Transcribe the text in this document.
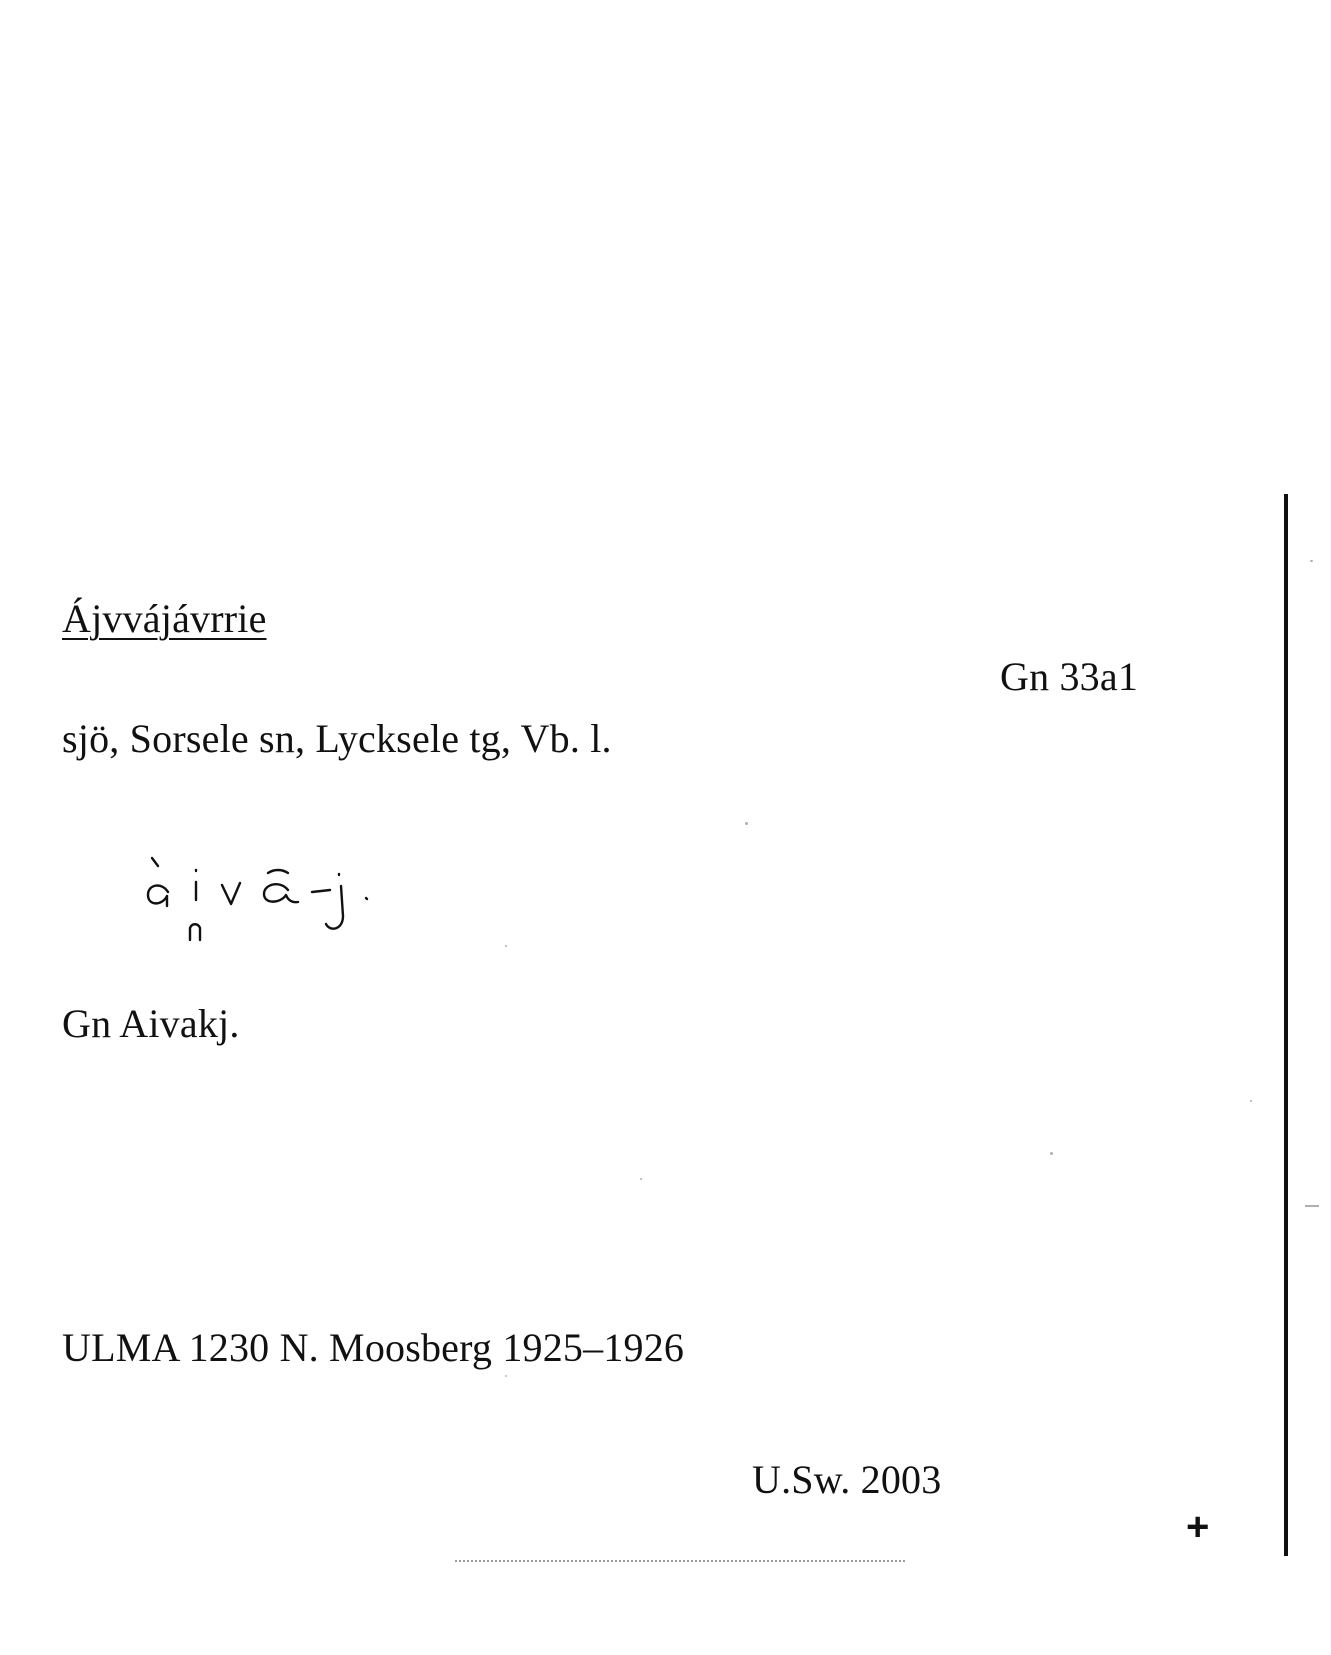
Ájvvájávrrie
Gn 33a1
sjö, Sorsele sn, Lycksele tg, Vb. l.
àiva-j.
Gn Aivakj.
ULMA 1230 N. Moosberg 1925–1926
U.Sw. 2003
+
